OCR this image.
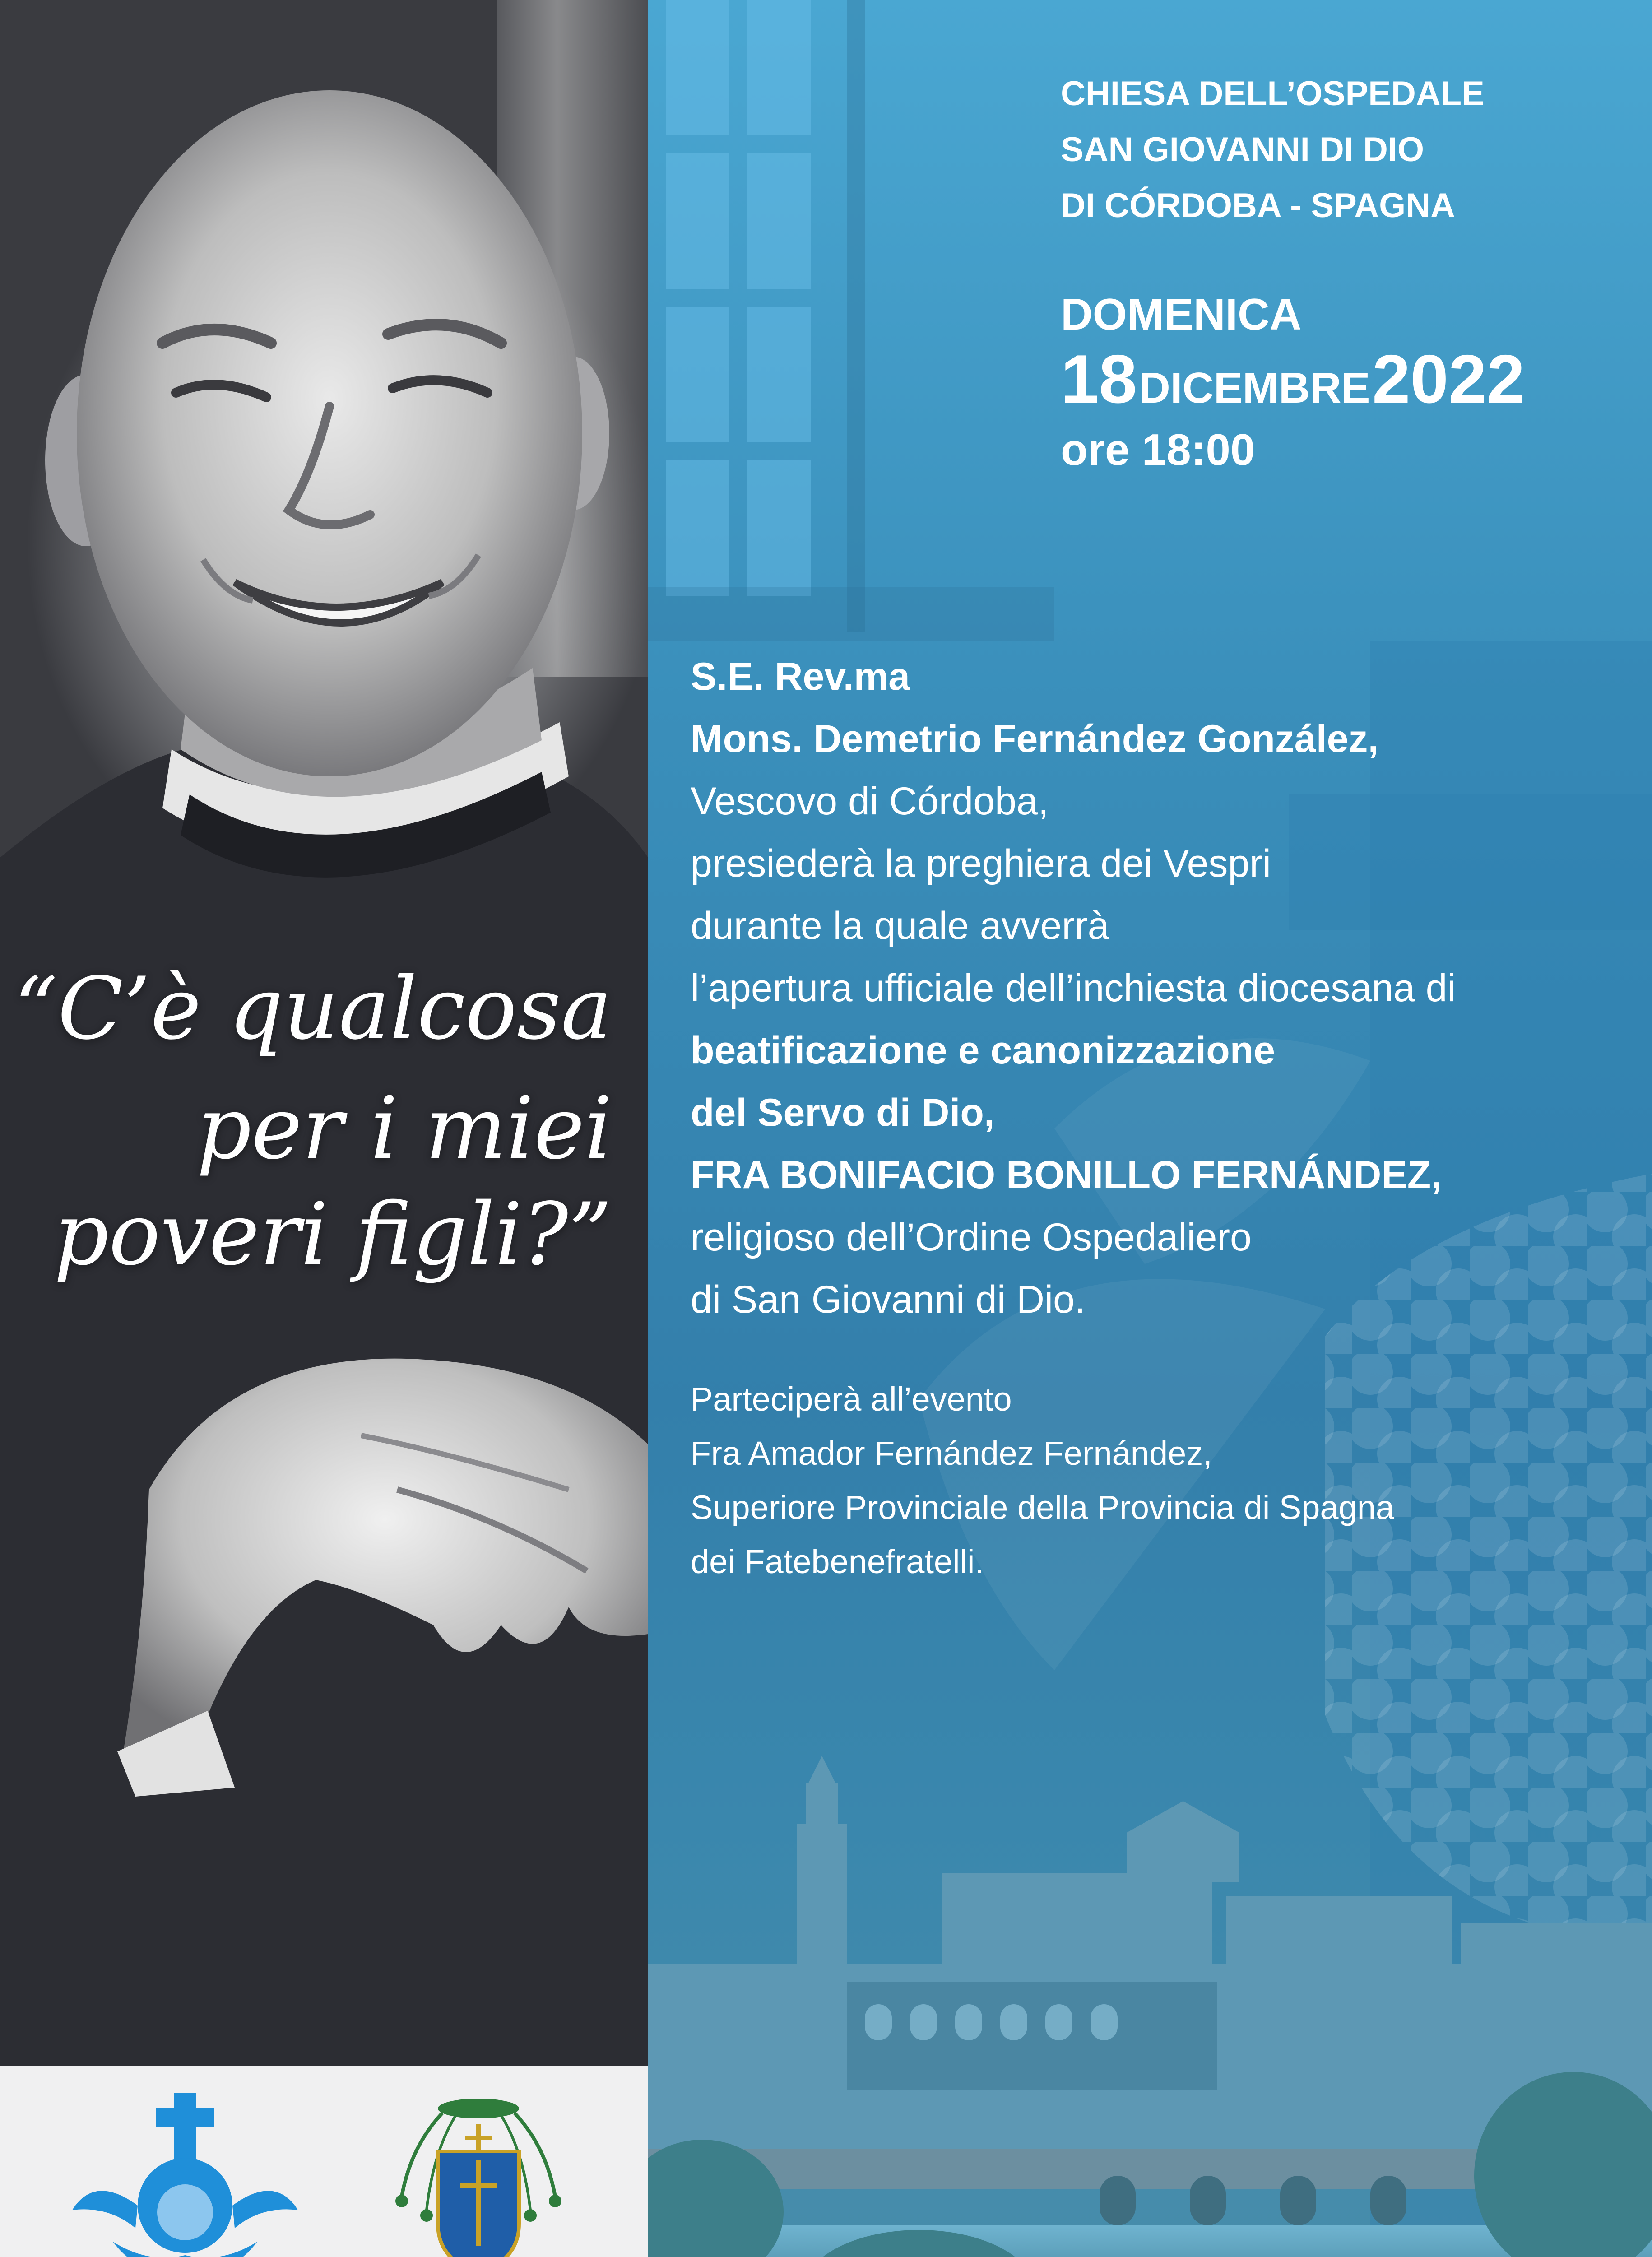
“C’è qualcosa
per i miei
poveri figli?”
CHIESA DELL’OSPEDALE
SAN GIOVANNI DI DIO
DI CÓRDOBA - SPAGNA
DOMENICA
18 DICEMBRE 2022
ore 18:00
S.E. Rev.ma
Mons. Demetrio Fernández González,
Vescovo di Córdoba,
presiederà la preghiera dei Vespri
durante la quale avverrà
l’apertura ufficiale dell’inchiesta diocesana di
beatificazione e canonizzazione
del Servo di Dio,
FRA BONIFACIO BONILLO FERNÁNDEZ,
religioso dell’Ordine Ospedaliero
di San Giovanni di Dio.
Parteciperà all’evento
Fra Amador Fernández Fernández,
Superiore Provinciale della Provincia di Spagna
dei Fatebenefratelli.
